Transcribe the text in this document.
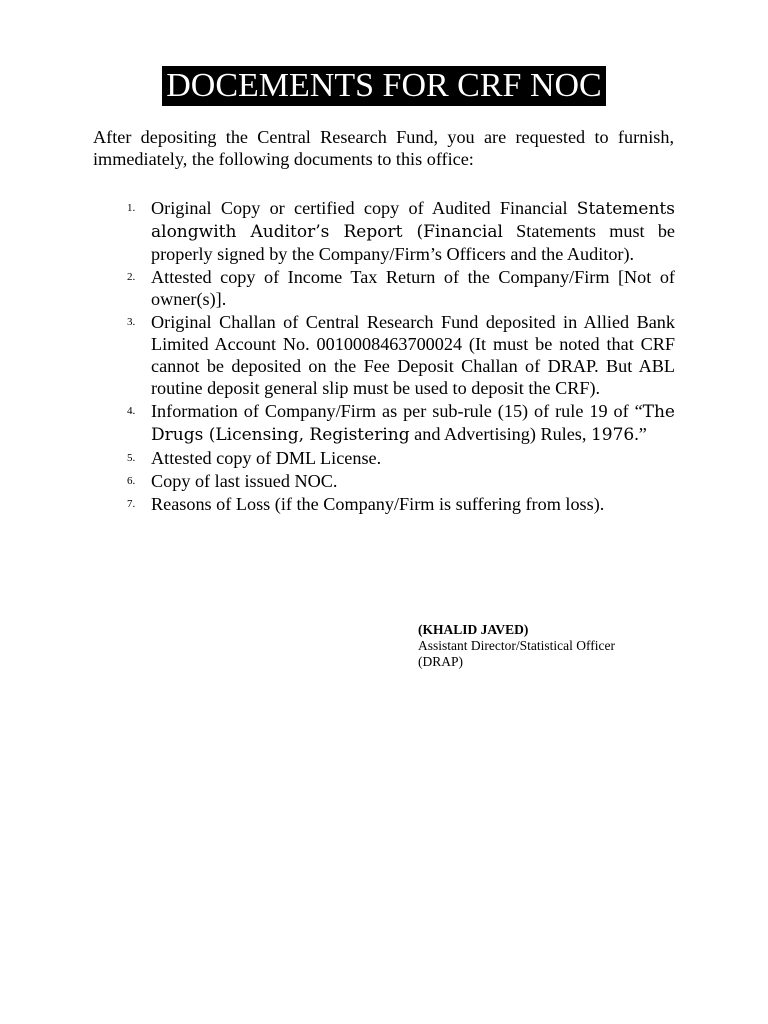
DOCEMENTS FOR CRF NOC

After depositing the Central Research Fund, you are requested to furnish, immediately, the following documents to this office:

1. Original Copy or certified copy of Audited Financial Statements alongwith Auditor’s Report (Financial Statements must be properly signed by the Company/Firm’s Officers and the Auditor).
2. Attested copy of Income Tax Return of the Company/Firm [Not of owner(s)].
3. Original Challan of Central Research Fund deposited in Allied Bank Limited Account No. 0010008463700024 (It must be noted that CRF cannot be deposited on the Fee Deposit Challan of DRAP. But ABL routine deposit general slip must be used to deposit the CRF).
4. Information of Company/Firm as per sub-rule (15) of rule 19 of “The Drugs (Licensing, Registering and Advertising) Rules, 1976.”
5. Attested copy of DML License.
6. Copy of last issued NOC.
7. Reasons of Loss (if the Company/Firm is suffering from loss).
(KHALID JAVED)
Assistant Director/Statistical Officer
(DRAP)
